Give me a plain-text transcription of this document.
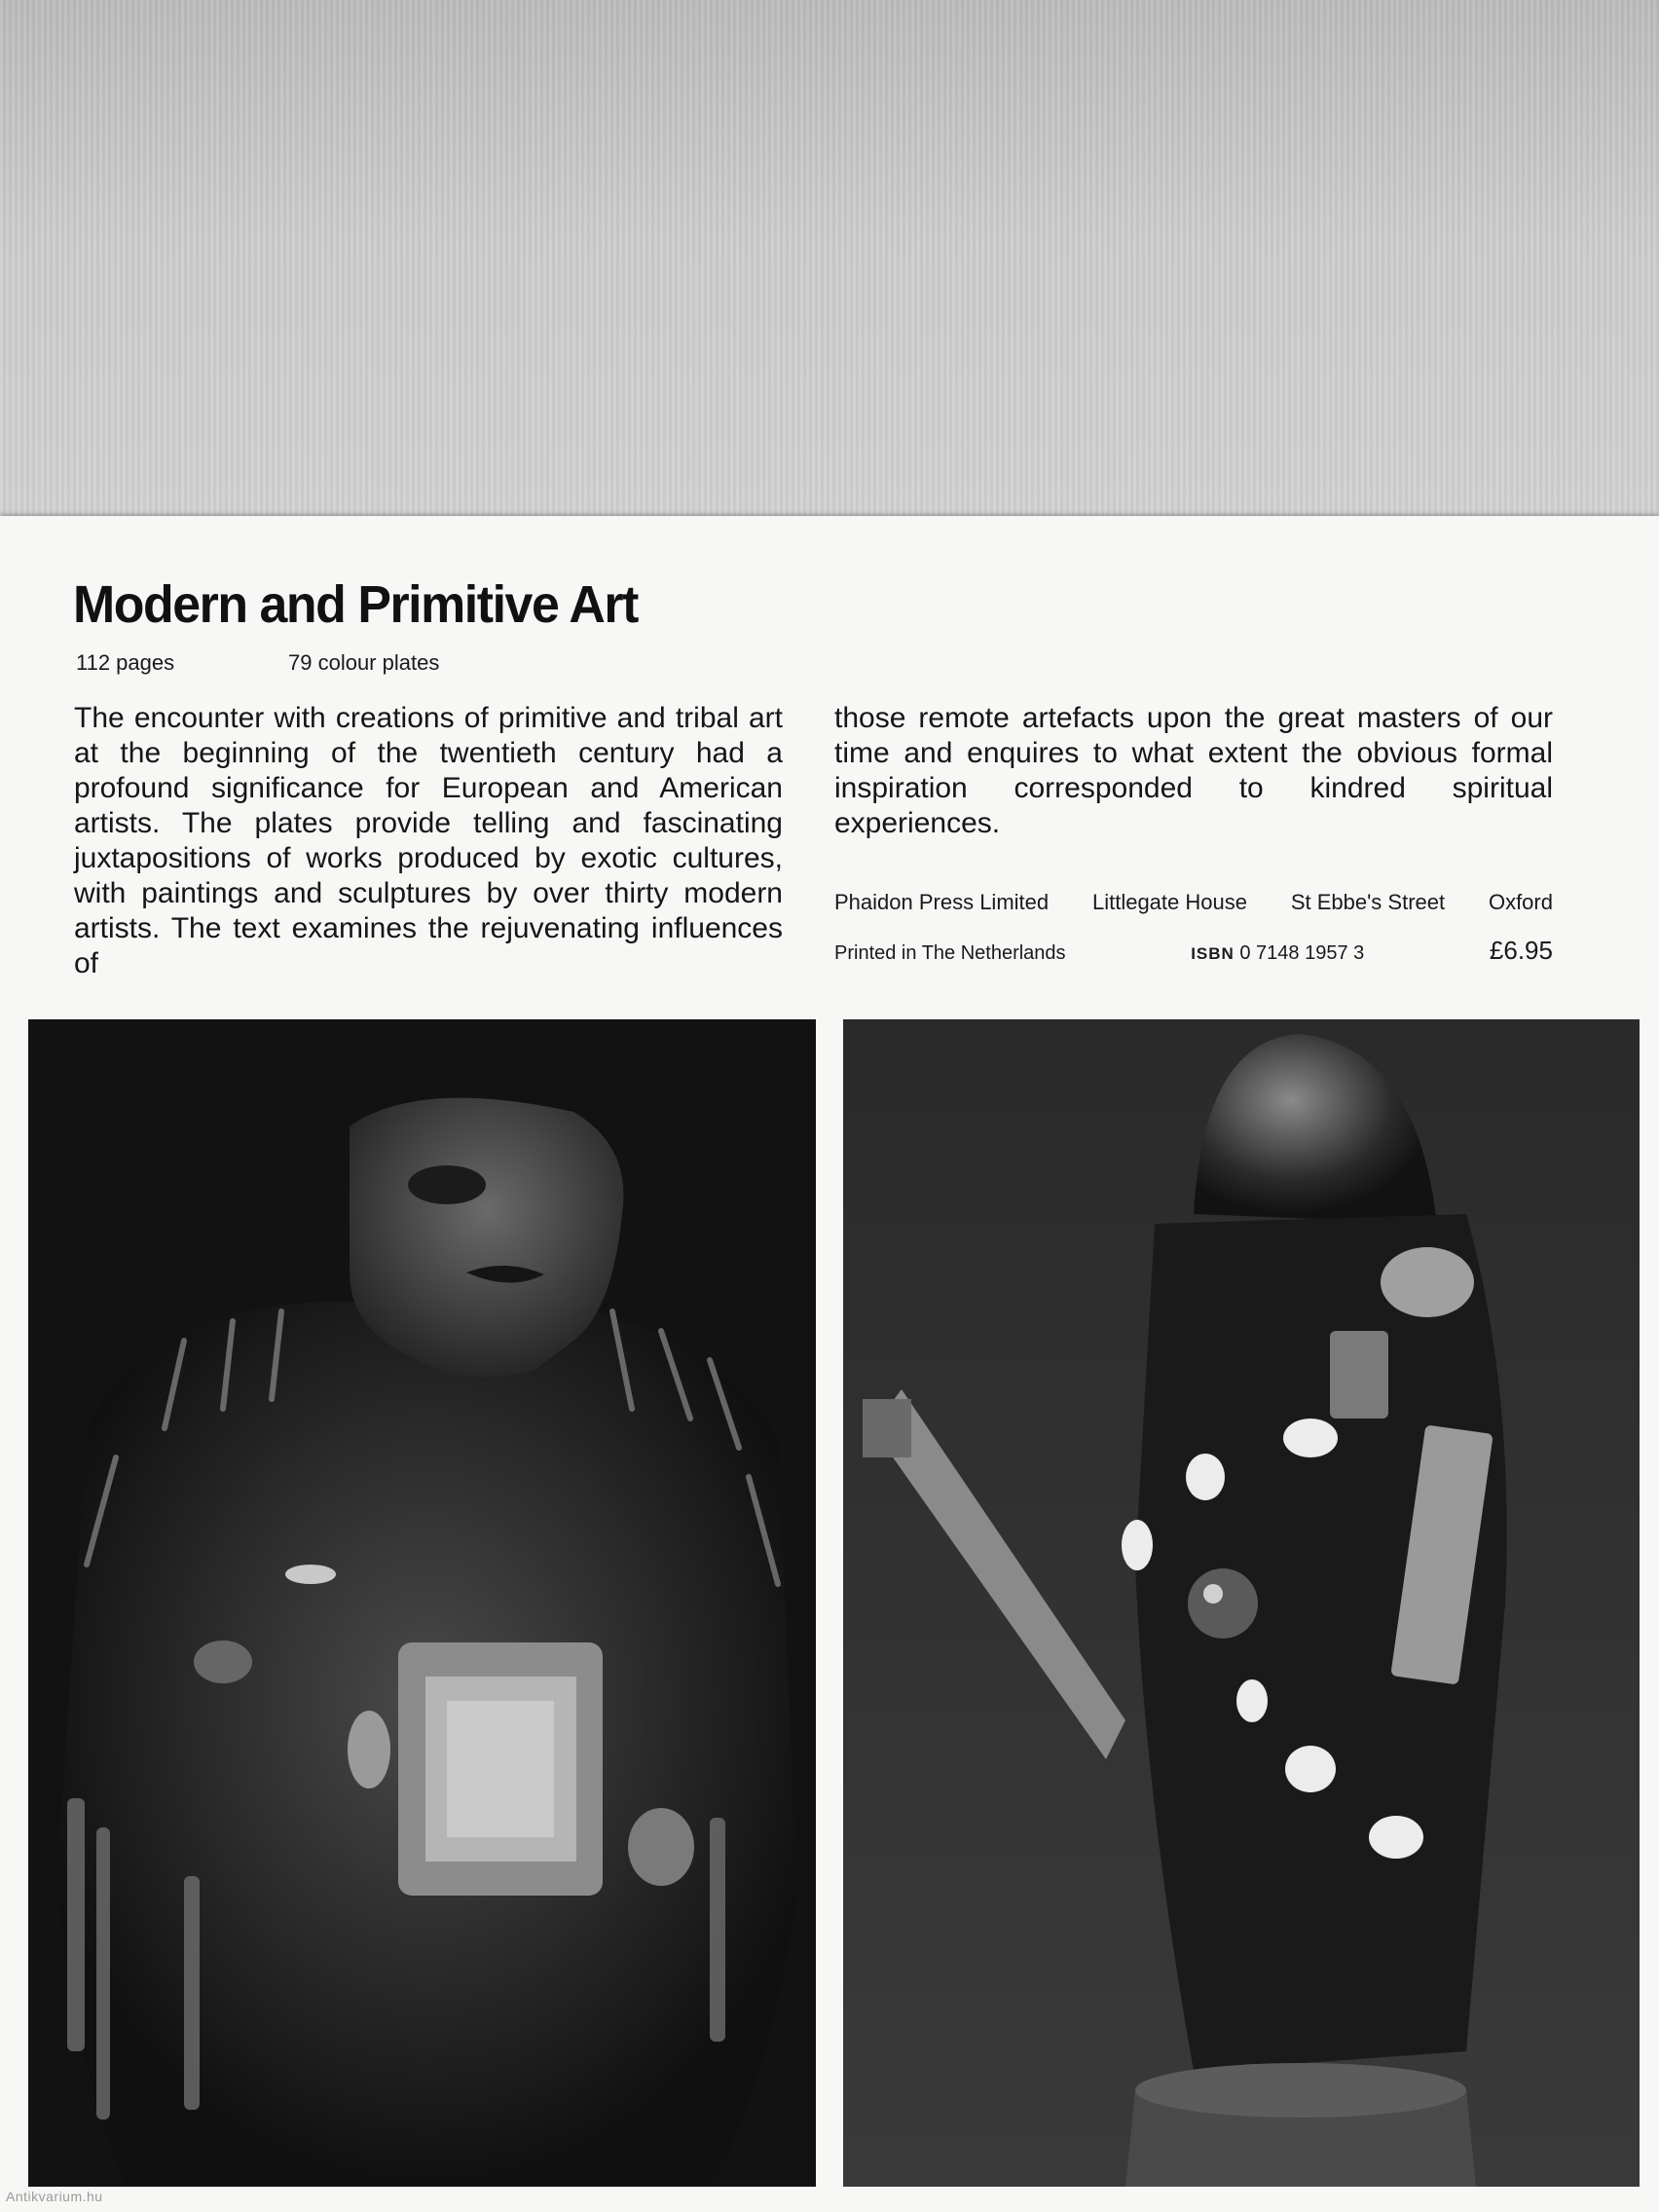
Modern and Primitive Art
112 pages	79 colour plates

The encounter with creations of primitive and tribal art at the beginning of the twentieth century had a profound significance for European and American artists. The plates provide telling and fascinating juxtapositions of works produced by exotic cultures, with paintings and sculptures by over thirty modern artists. The text examines the rejuvenating influences of

those remote artefacts upon the great masters of our time and enquires to what extent the obvious formal inspiration corresponded to kindred spiritual experiences.

Phaidon Press Limited Littlegate House St Ebbe's Street Oxford
Printed in The Netherlands	ISBN 0 7148 1957 3	£6.95
Antikvarium.hu
